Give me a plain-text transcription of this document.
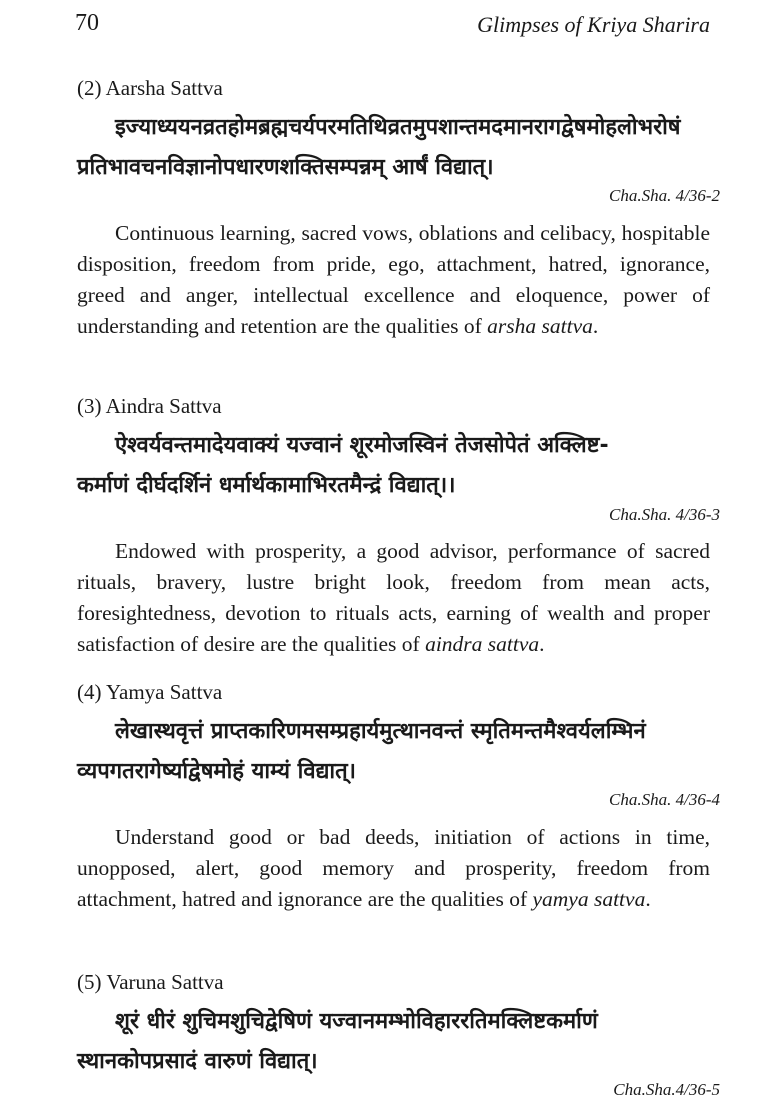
70	Glimpses of Kriya Sharira
(2) Aarsha Sattva
इज्याध्ययनव्रतहोमब्रह्मचर्यपरमतिथिव्रतमुपशान्तमदमानरागद्वेषमोहलोभरोषं
प्रतिभावचनविज्ञानोपधारणशक्तिसम्पन्नम् आर्षं विद्यात्।
Cha.Sha. 4/36-2
Continuous learning, sacred vows, oblations and celibacy, hospitable disposition, freedom from pride, ego, attachment, hatred, ignorance, greed and anger, intellectual excellence and eloquence, power of understanding and retention are the qualities of arsha sattva.
(3) Aindra Sattva
ऐश्वर्यवन्तमादेयवाक्यं यज्वानं शूरमोजस्विनं तेजसोपेतं अक्लिष्ट-
कर्माणं दीर्घदर्शिनं धर्मार्थकामाभिरतमैन्द्रं विद्यात्।।
Cha.Sha. 4/36-3
Endowed with prosperity, a good advisor, performance of sacred rituals, bravery, lustre bright look, freedom from mean acts, foresightedness, devotion to rituals acts, earning of wealth and proper satisfaction of desire are the qualities of aindra sattva.
(4) Yamya Sattva
लेखास्थवृत्तं प्राप्तकारिणमसम्प्रहार्यमुत्थानवन्तं स्मृतिमन्तमैश्वर्यलम्भिनं
व्यपगतरागेर्ष्याद्वेषमोहं याम्यं विद्यात्।
Cha.Sha. 4/36-4
Understand good or bad deeds, initiation of actions in time, unopposed, alert, good memory and prosperity, freedom from attachment, hatred and ignorance are the qualities of yamya sattva.
(5) Varuna Sattva
शूरं धीरं शुचिमशुचिद्वेषिणं यज्वानमम्भोविहाररतिमक्लिष्टकर्माणं
स्थानकोपप्रसादं वारुणं विद्यात्।
Cha.Sha.4/36-5
